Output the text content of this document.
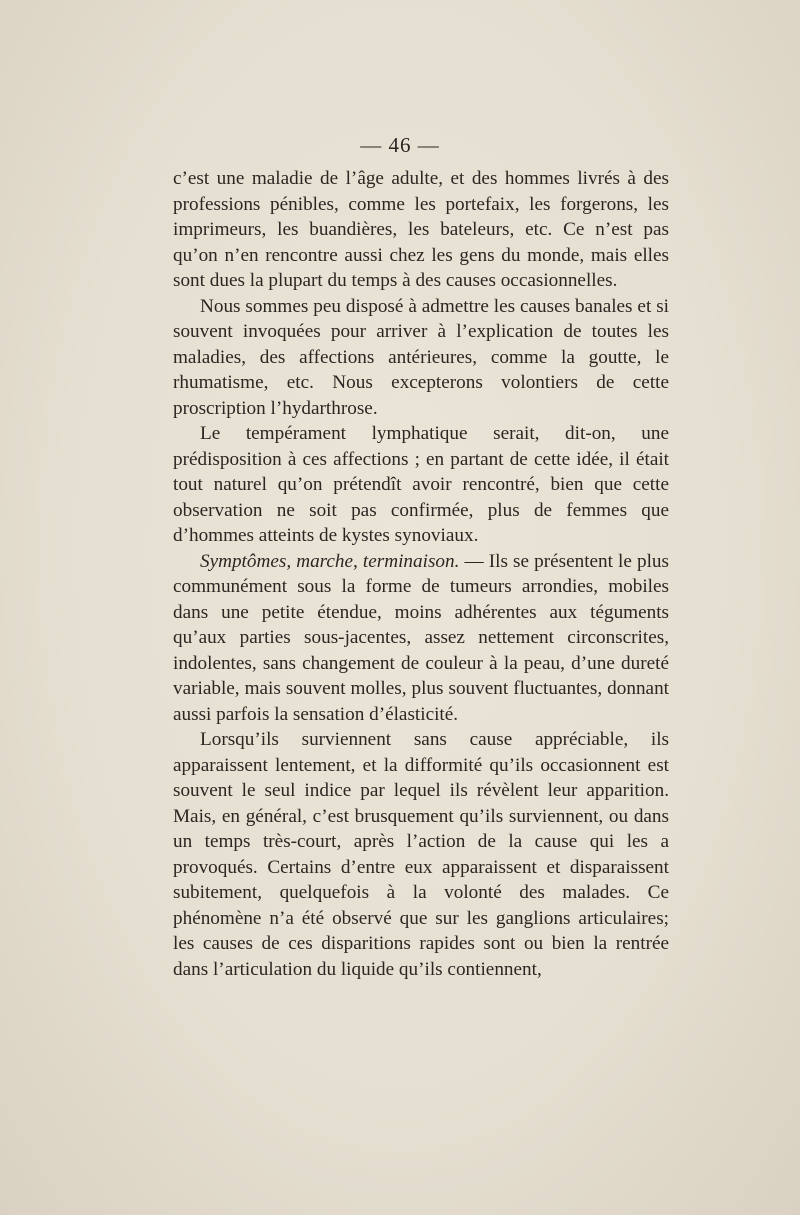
— 46 —

c’est une maladie de l’âge adulte, et des hommes livrés à des professions pénibles, comme les portefaix, les forgerons, les imprimeurs, les buandières, les bateleurs, etc. Ce n’est pas qu’on n’en rencontre aussi chez les gens du monde, mais elles sont dues la plupart du temps à des causes occasionnelles.

Nous sommes peu disposé à admettre les causes banales et si souvent invoquées pour arriver à l’explication de toutes les maladies, des affections antérieures, comme la goutte, le rhumatisme, etc. Nous excepterons volontiers de cette proscription l’hydarthrose.

Le tempérament lymphatique serait, dit-on, une prédisposition à ces affections ; en partant de cette idée, il était tout naturel qu’on prétendît avoir rencontré, bien que cette observation ne soit pas confirmée, plus de femmes que d’hommes atteints de kystes synoviaux.

Symptômes, marche, terminaison. — Ils se présentent le plus communément sous la forme de tumeurs arrondies, mobiles dans une petite étendue, moins adhérentes aux téguments qu’aux parties sous-jacentes, assez nettement circonscrites, indolentes, sans changement de couleur à la peau, d’une dureté variable, mais souvent molles, plus souvent fluctuantes, donnant aussi parfois la sensation d’élasticité.

Lorsqu’ils surviennent sans cause appréciable, ils apparaissent lentement, et la difformité qu’ils occasionnent est souvent le seul indice par lequel ils révèlent leur apparition. Mais, en général, c’est brusquement qu’ils surviennent, ou dans un temps très-court, après l’action de la cause qui les a provoqués. Certains d’entre eux apparaissent et disparaissent subitement, quelquefois à la volonté des malades. Ce phénomène n’a été observé que sur les ganglions articulaires; les causes de ces disparitions rapides sont ou bien la rentrée dans l’articulation du liquide qu’ils contiennent,
